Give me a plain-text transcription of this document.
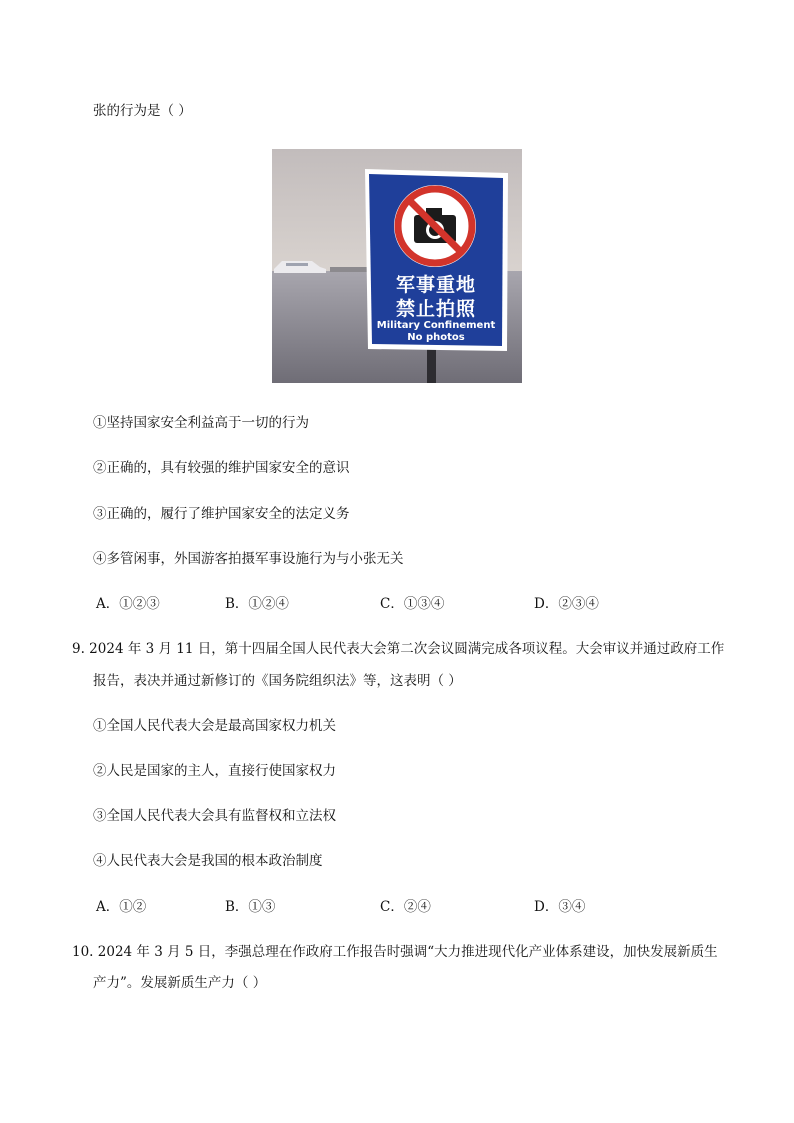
张的行为是（ ）
军事重地
禁止拍照
Military Confinement
No photos
①坚持国家安全利益高于一切的行为
②正确的，具有较强的维护国家安全的意识
③正确的，履行了维护国家安全的法定义务
④多管闲事，外国游客拍摄军事设施行为与小张无关
A．①②③	B．①②④	C．①③④	D．②③④
9. 2024 年 3 月 11 日，第十四届全国人民代表大会第二次会议圆满完成各项议程。大会审议并通过政府工作
报告，表决并通过新修订的《国务院组织法》等，这表明（ ）
①全国人民代表大会是最高国家权力机关
②人民是国家的主人，直接行使国家权力
③全国人民代表大会具有监督权和立法权
④人民代表大会是我国的根本政治制度
A．①②	B．①③	C．②④	D．③④
10. 2024 年 3 月 5 日，李强总理在作政府工作报告时强调“大力推进现代化产业体系建设，加快发展新质生
产力”。发展新质生产力（ ）
